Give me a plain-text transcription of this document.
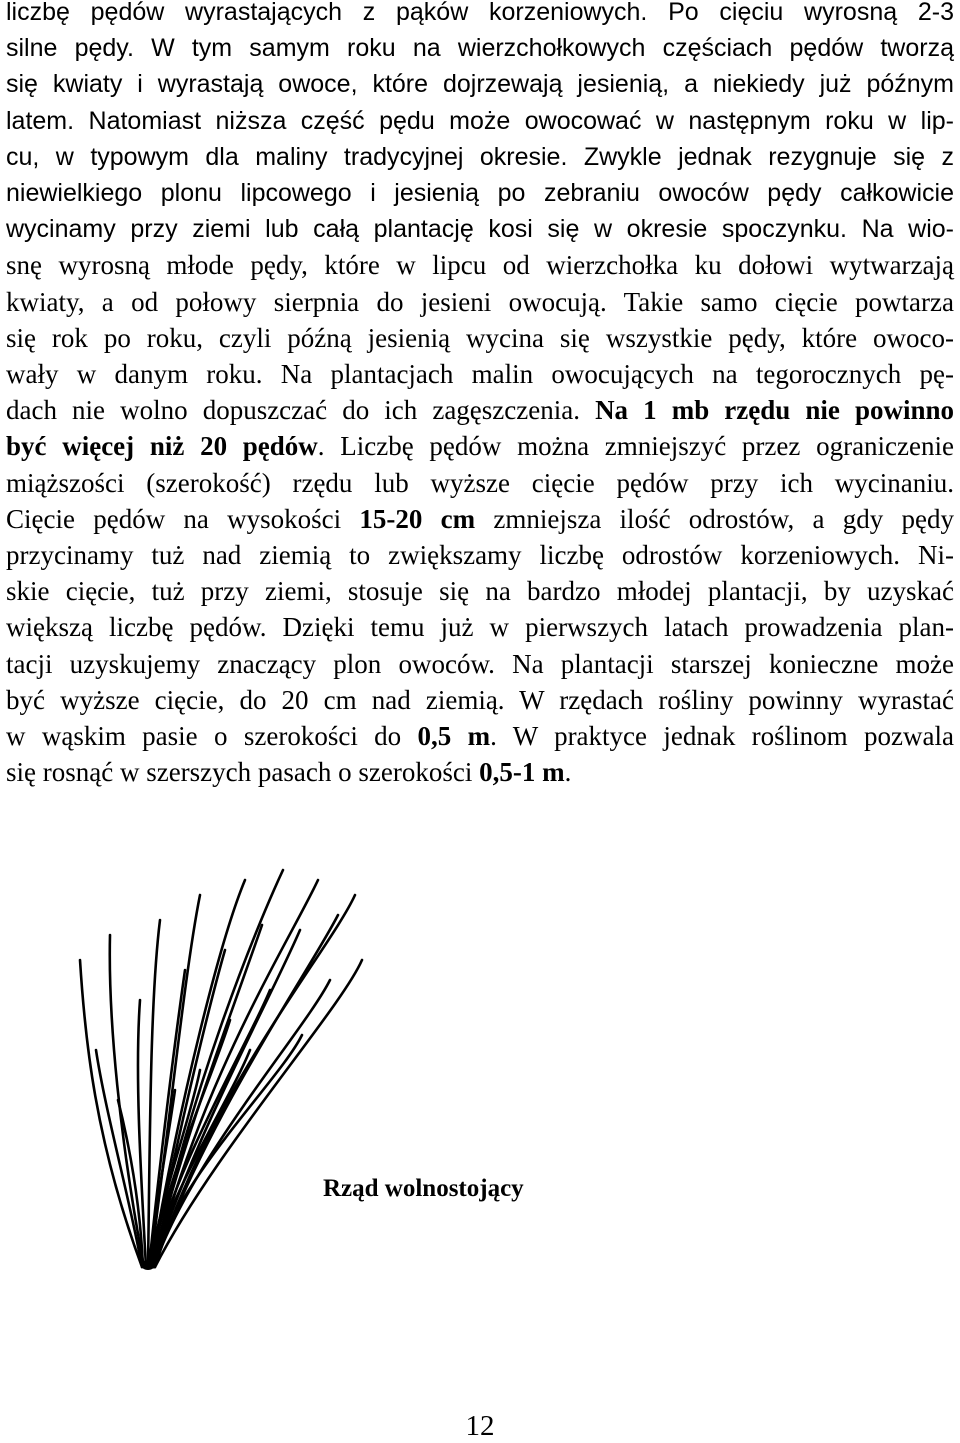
liczbę pędów wyrastających z pąków korzeniowych. Po cięciu wyrosną 2-3
silne pędy. W tym samym roku na wierzchołkowych częściach pędów tworzą
się kwiaty i wyrastają owoce, które dojrzewają jesienią, a niekiedy już późnym
latem. Natomiast niższa część pędu może owocować w następnym roku w lip-
cu, w typowym dla maliny tradycyjnej okresie. Zwykle jednak rezygnuje się z
niewielkiego plonu lipcowego i jesienią po zebraniu owoców pędy całkowicie
wycinamy przy ziemi lub całą plantację kosi się w okresie spoczynku. Na wio-
snę wyrosną młode pędy, które w lipcu od wierzchołka ku dołowi wytwarzają
kwiaty, a od połowy sierpnia do jesieni owocują. Takie samo cięcie powtarza
się rok po roku, czyli późną jesienią wycina się wszystkie pędy, które owoco-
wały w danym roku. Na plantacjach malin owocujących na tegorocznych pę-
dach nie wolno dopuszczać do ich zagęszczenia. Na 1 mb rzędu nie powinno
być więcej niż 20 pędów. Liczbę pędów można zmniejszyć przez ograniczenie
miąższości (szerokość) rzędu lub wyższe cięcie pędów przy ich wycinaniu.
Cięcie pędów na wysokości 15-20 cm zmniejsza ilość odrostów, a gdy pędy
przycinamy tuż nad ziemią to zwiększamy liczbę odrostów korzeniowych. Ni-
skie cięcie, tuż przy ziemi, stosuje się na bardzo młodej plantacji, by uzyskać
większą liczbę pędów. Dzięki temu już w pierwszych latach prowadzenia plan-
tacji uzyskujemy znaczący plon owoców. Na plantacji starszej konieczne może
być wyższe cięcie, do 20 cm nad ziemią. W rzędach rośliny powinny wyrastać
w wąskim pasie o szerokości do 0,5 m. W praktyce jednak roślinom pozwala
się rosnąć w szerszych pasach o szerokości 0,5-1 m.
Rząd wolnostojący
12
